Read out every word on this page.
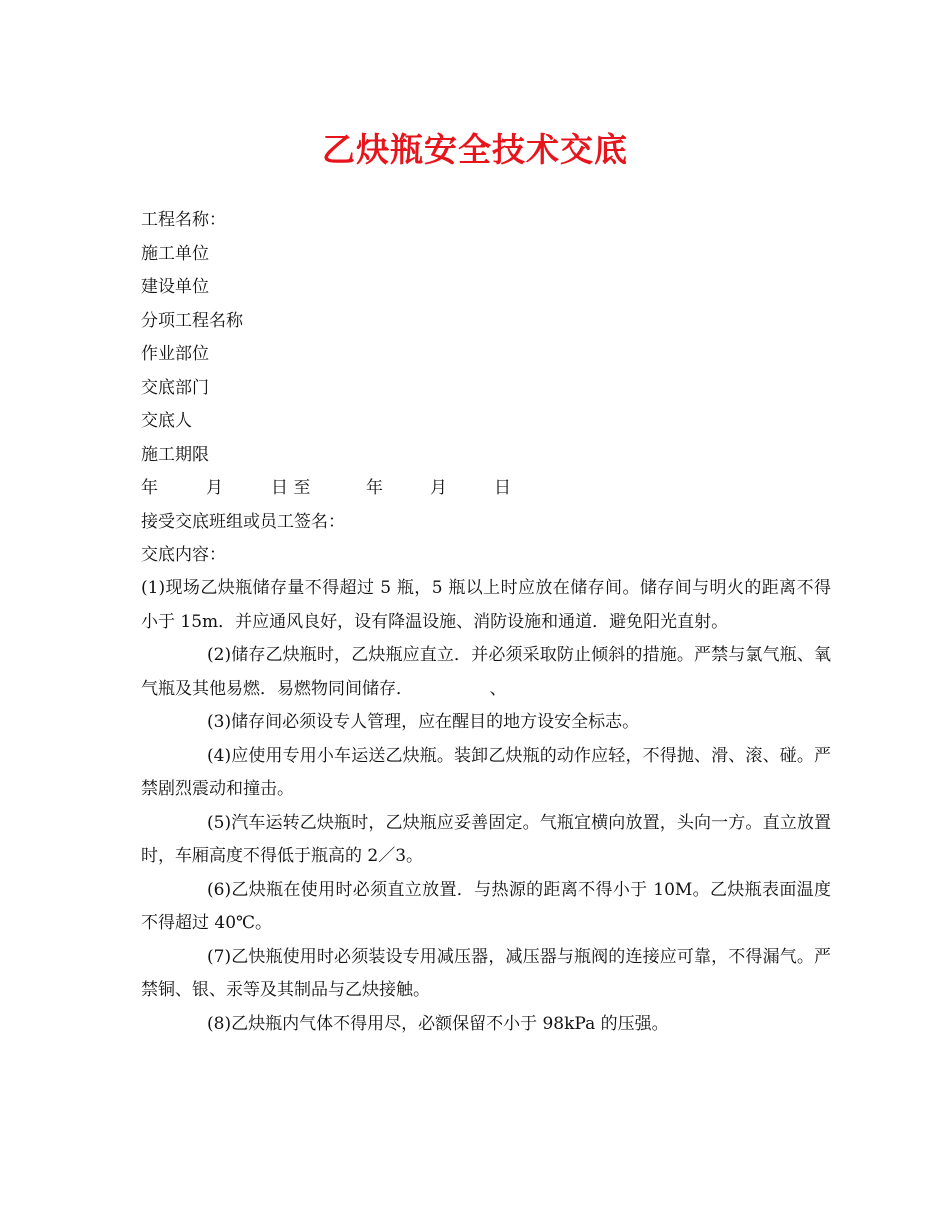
乙炔瓶安全技术交底
工程名称：
施工单位
建设单位
分项工程名称
作业部位
交底部门
交底人
施工期限
年	月	日 至	年	月	日
接受交底班组或员工签名：
交底内容：

(1)现场乙炔瓶储存量不得超过 5 瓶，5 瓶以上时应放在储存间。储存间与明火的距离不得小于 15m．并应通风良好，设有降温设施、消防设施和通道．避免阳光直射。

(2)储存乙炔瓶时，乙炔瓶应直立．并必须采取防止倾斜的措施。严禁与氯气瓶、氧气瓶及其他易燃．易燃物同间储存．　　　　　、

(3)储存间必须设专人管理，应在醒目的地方设安全标志。

(4)应使用专用小车运送乙炔瓶。装卸乙炔瓶的动作应轻，不得抛、滑、滚、碰。严禁剧烈震动和撞击。

(5)汽车运转乙炔瓶时，乙炔瓶应妥善固定。气瓶宜横向放置，头向一方。直立放置时，车厢高度不得低于瓶高的 2／3。

(6)乙炔瓶在使用时必须直立放置．与热源的距离不得小于 10M。乙炔瓶表面温度不得超过 40℃。

(7)乙快瓶使用时必须装设专用减压器，减压器与瓶阀的连接应可靠，不得漏气。严禁铜、银、汞等及其制品与乙炔接触。

(8)乙炔瓶内气体不得用尽，必额保留不小于 98kPa 的压强。
